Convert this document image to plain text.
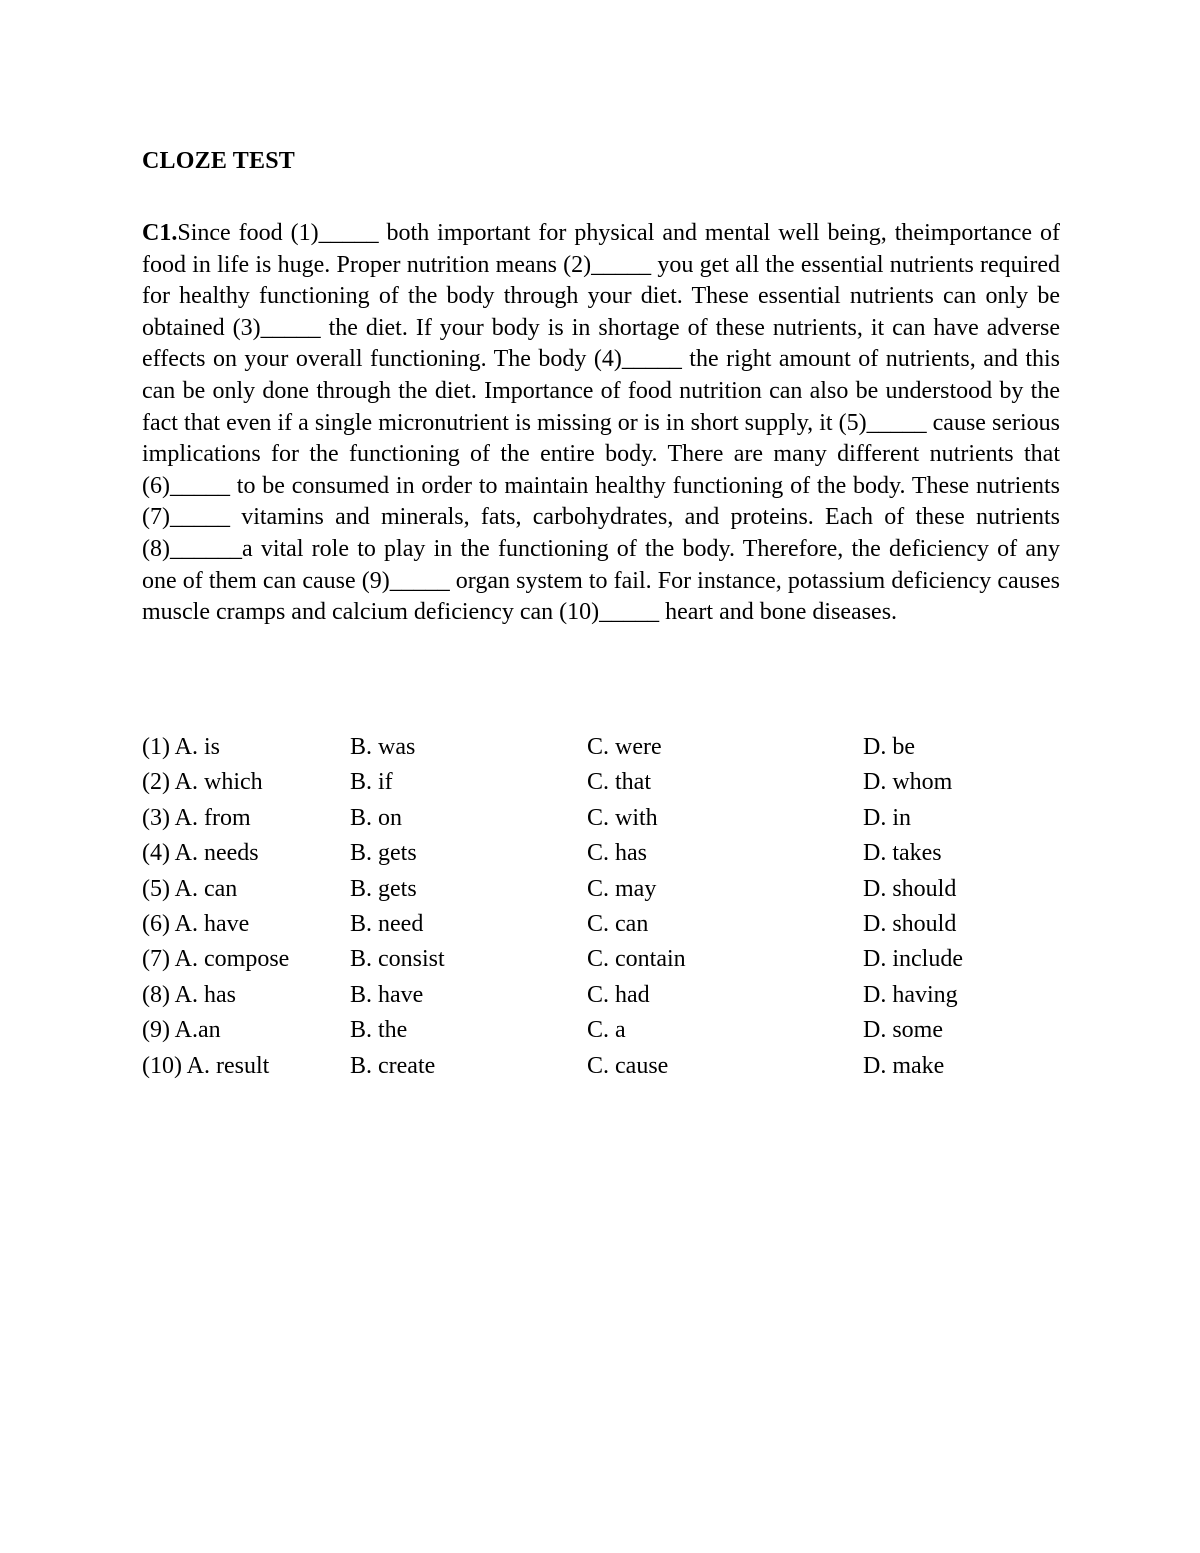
CLOZE TEST
C1.Since food (1)_____ both important for physical and mental well being, theimportance of food in life is huge. Proper nutrition means (2)_____ you get all the essential nutrients required for healthy functioning of the body through your diet. These essential nutrients can only be obtained (3)_____ the diet. If your body is in shortage of these nutrients, it can have adverse effects on your overall functioning. The body (4)_____ the right amount of nutrients, and this can be only done through the diet. Importance of food nutrition can also be understood by the fact that even if a single micronutrient is missing or is in short supply, it (5)_____ cause serious implications for the functioning of the entire body. There are many different nutrients that (6)_____ to be consumed in order to maintain healthy functioning of the body. These nutrients (7)_____ vitamins and minerals, fats, carbohydrates, and proteins. Each of these nutrients (8)______a vital role to play in the functioning of the body. Therefore, the deficiency of any one of them can cause (9)_____ organ system to fail. For instance, potassium deficiency causes muscle cramps and calcium deficiency can (10)_____ heart and bone diseases.
(1) A. is	B. was	C. were	D. be
(2) A. which	B. if	C. that	D. whom
(3) A. from	B. on	C. with	D. in
(4) A. needs	B. gets	C. has	D. takes
(5) A. can	B. gets	C. may	D. should
(6) A. have	B. need	C. can	D. should
(7) A. compose	B. consist	C. contain	D. include
(8) A. has	B. have	C. had	D. having
(9) A.an	B. the	C. a	D. some
(10) A. result	B. create	C. cause	D. make
